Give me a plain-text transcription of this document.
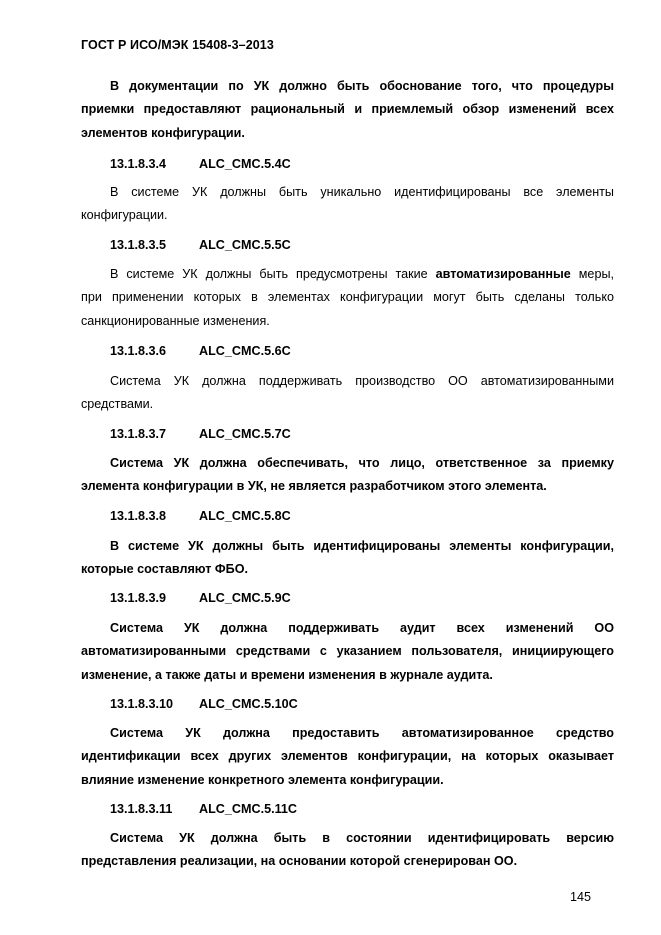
ГОСТ Р ИСО/МЭК 15408-3–2013
В документации по УК должно быть обоснование того, что процедуры
приемки предоставляют рациональный и приемлемый обзор изменений всех
элементов конфигурации.
13.1.8.3.4	ALC_CMC.5.4C
В системе УК должны быть уникально идентифицированы все элементы
конфигурации.
13.1.8.3.5	ALC_CMC.5.5C
В системе УК должны быть предусмотрены такие автоматизированные меры,
при применении которых в элементах конфигурации могут быть сделаны только
санкционированные изменения.
13.1.8.3.6	ALC_CMC.5.6C
Система УК должна поддерживать производство ОО автоматизированными
средствами.
13.1.8.3.7	ALC_CMC.5.7C
Система УК должна обеспечивать, что лицо, ответственное за приемку
элемента конфигурации в УК, не является разработчиком этого элемента.
13.1.8.3.8	ALC_CMC.5.8C
В системе УК должны быть идентифицированы элементы конфигурации,
которые составляют ФБО.
13.1.8.3.9	ALC_CMC.5.9C
Система УК должна поддерживать аудит всех изменений ОО
автоматизированными средствами с указанием пользователя, инициирующего
изменение, а также даты и времени изменения в журнале аудита.
13.1.8.3.10 ALC_CMC.5.10C
Система УК должна предоставить автоматизированное средство
идентификации всех других элементов конфигурации, на которых оказывает
влияние изменение конкретного элемента конфигурации.
13.1.8.3.11 ALC_CMC.5.11C
Система УК должна быть в состоянии идентифицировать версию
представления реализации, на основании которой сгенерирован ОО.
145
